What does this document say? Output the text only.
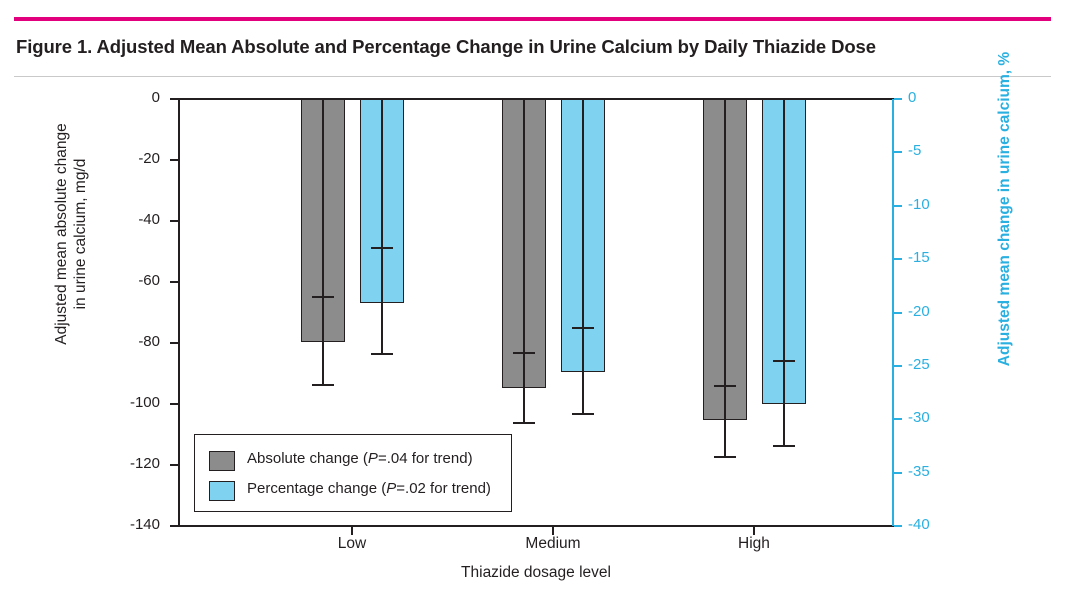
Figure 1. Adjusted Mean Absolute and Percentage Change in Urine Calcium by Daily Thiazide Dose
0
-20
-40
-60
-80
-100
-120
-140
Adjusted mean absolute change in urine calcium, mg/d
0
-5
-10
-15
-20
-25
-30
-35
-40
Adjusted mean change in urine calcium, %
Low	Medium	High
Thiazide dosage level
Absolute change (P=.04 for trend)
Percentage change (P=.02 for trend)
